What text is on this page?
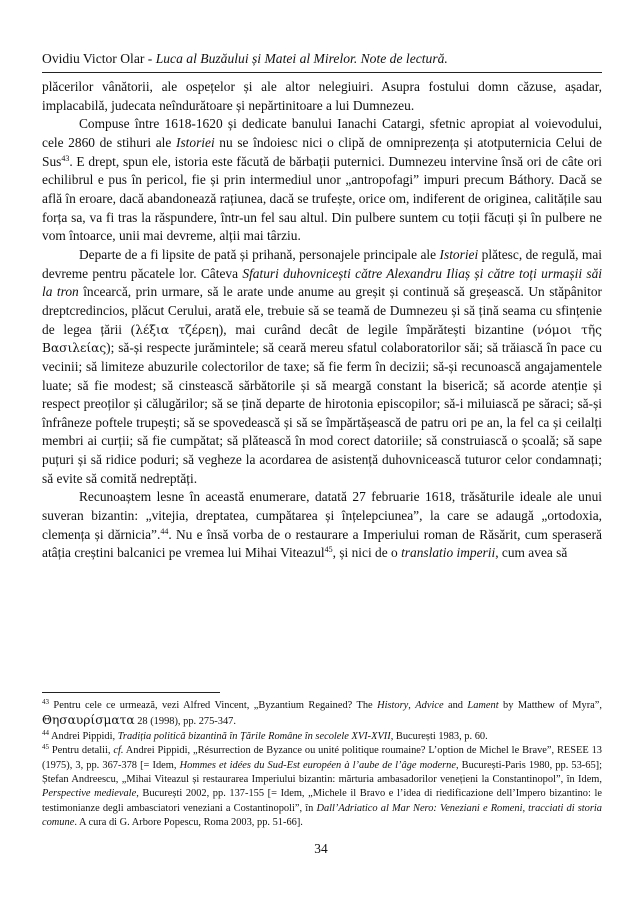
Ovidiu Victor Olar - Luca al Buzăului și Matei al Mirelor. Note de lectură.

plăcerilor vânătorii, ale ospețelor și ale altor nelegiuiri. Asupra fostului domn căzuse, așadar, implacabilă, judecata neîndurătoare și nepărtinitoare a lui Dumnezeu.

Compuse între 1618-1620 și dedicate banului Ianachi Catargi, sfetnic apropiat al voievodului, cele 2860 de stihuri ale Istoriei nu se îndoiesc nici o clipă de omniprezența și atotputernicia Celui de Sus$^{43}$. E drept, spun ele, istoria este făcută de bărbații puternici. Dumnezeu intervine însă ori de câte ori echilibrul e pus în pericol, fie și prin intermediul unor „antropofagi” impuri precum Báthory. Dacă se află în eroare, dacă abandonează rațiunea, dacă se trufește, orice om, indiferent de originea, calitățile sau forța sa, va fi tras la răspundere, într-un fel sau altul. Din pulbere suntem cu toții făcuți și în pulbere ne vom întoarce, unii mai devreme, alții mai târziu.

Departe de a fi lipsite de pată și prihană, personajele principale ale Istoriei plătesc, de regulă, mai devreme pentru păcatele lor. Câteva Sfaturi duhovnicești către Alexandru Iliaș și către toți urmașii săi la tron încearcă, prin urmare, să le arate unde anume au greșit și continuă să greșească. Un stăpânitor dreptcredincios, plăcut Cerului, arată ele, trebuie să se teamă de Dumnezeu și să țină seama cu sfințenie de legea țării (λέξια τζέρεη), mai curând decât de legile împărătești bizantine (νόμοι τῆς Βασιλείας); să-și respecte jurămintele; să ceară mereu sfatul colaboratorilor săi; să trăiască în pace cu vecinii; să limiteze abuzurile colectorilor de taxe; să fie ferm în decizii; să-și recunoască angajamentele luate; să fie modest; să cinstească sărbătorile și să meargă constant la biserică; să acorde atenție și respect preoților și călugărilor; să se țină departe de hirotonia episcopilor; să-i miluiască pe săraci; să-și înfrâneze poftele trupești; să se spovedească și să se împărtășească de patru ori pe an, la fel ca și ceilalți membri ai curții; să fie cumpătat; să plătească în mod corect datoriile; să construiască o școală; să sape puțuri și să ridice poduri; să vegheze la acordarea de asistență duhovnicească tuturor celor condamnați; să evite să comită nedreptăți.

Recunoaștem lesne în această enumerare, datată 27 februarie 1618, trăsăturile ideale ale unui suveran bizantin: „vitejia, dreptatea, cumpătarea și înțelepciunea”, la care se adaugă „ortodoxia, clemența și dărnicia”.$^{44}$. Nu e însă vorba de o restaurare a Imperiului roman de Răsărit, cum speraseră atâția creștini balcanici pe vremea lui Mihai Viteazul$^{45}$, și nici de o translatio imperii, cum avea să

$^{43}$ Pentru cele ce urmează, vezi Alfred Vincent, „Byzantium Regained? The History, Advice and Lament by Matthew of Myra”, Θησαυρίσματα 28 (1998), pp. 275-347.

$^{44}$ Andrei Pippidi, Tradiția politică bizantină în Țările Române în secolele XVI-XVII, București 1983, p. 60.

$^{45}$ Pentru detalii, cf. Andrei Pippidi, „Résurrection de Byzance ou unité politique roumaine? L’option de Michel le Brave”, RESEE 13 (1975), 3, pp. 367-378 [= Idem, Hommes et idées du Sud-Est européen à l’aube de l’âge moderne, București-Paris 1980, pp. 53-65]; Ștefan Andreescu, „Mihai Viteazul și restaurarea Imperiului bizantin: mărturia ambasadorilor venețieni la Constantinopol”, în Idem, Perspective medievale, București 2002, pp. 137-155 [= Idem, „Michele il Bravo e l’idea di riedificazione dell’Impero bizantino: le testimonianze degli ambasciatori veneziani a Costantinopoli”, în Dall’Adriatico al Mar Nero: Veneziani e Romeni, tracciati di storia comune. A cura di G. Arbore Popescu, Roma 2003, pp. 51-66].

34
